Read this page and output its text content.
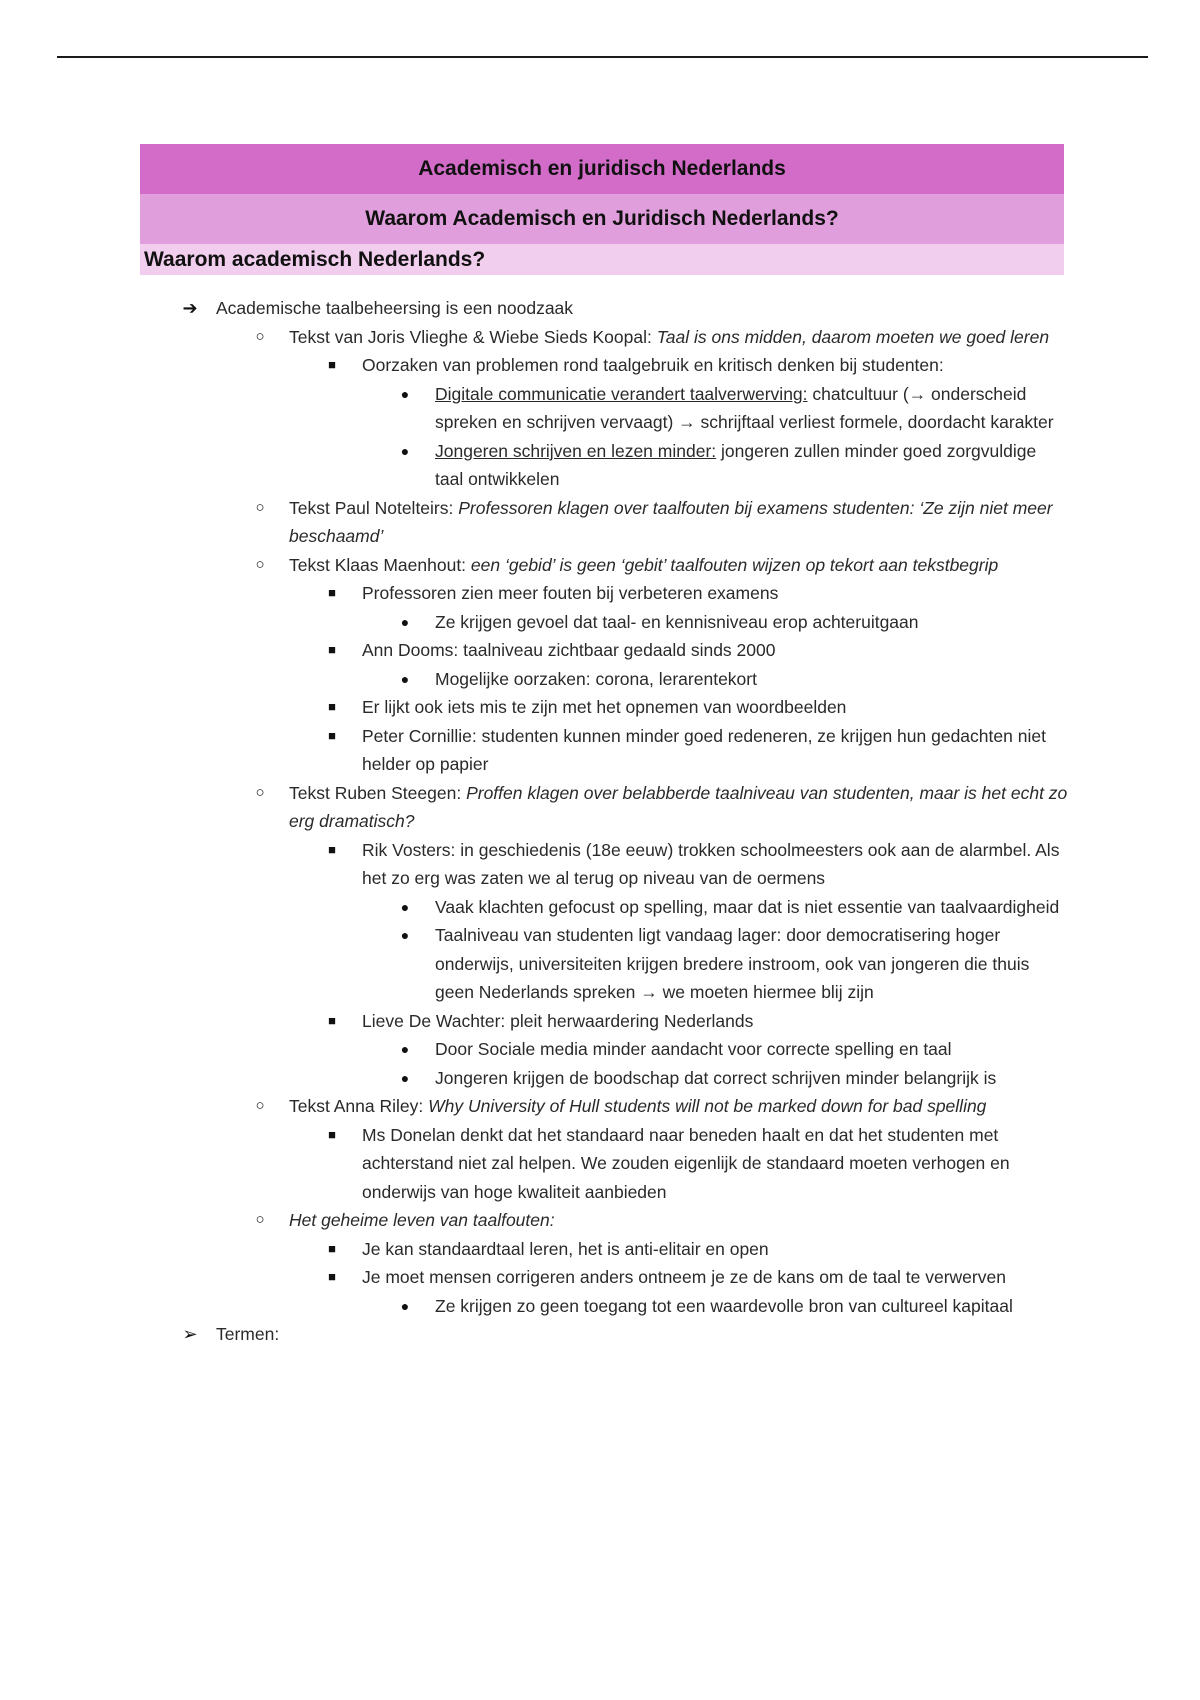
Academisch en juridisch Nederlands
Waarom Academisch en Juridisch Nederlands?
Waarom academisch Nederlands?
➔	Academische taalbeheersing is een noodzaak
○	Tekst van Joris Vlieghe & Wiebe Sieds Koopal: Taal is ons midden, daarom moeten we goed leren
■	Oorzaken van problemen rond taalgebruik en kritisch denken bij studenten:
●	Digitale communicatie verandert taalverwerving: chatcultuur (→ onderscheid spreken en schrijven vervaagt) → schrijftaal verliest formele, doordacht karakter
●	Jongeren schrijven en lezen minder: jongeren zullen minder goed zorgvuldige taal ontwikkelen
○	Tekst Paul Notelteirs: Professoren klagen over taalfouten bij examens studenten: ‘Ze zijn niet meer beschaamd’
○	Tekst Klaas Maenhout: een ‘gebid’ is geen ‘gebit’ taalfouten wijzen op tekort aan tekstbegrip
■	Professoren zien meer fouten bij verbeteren examens
●	Ze krijgen gevoel dat taal- en kennisniveau erop achteruitgaan
■	Ann Dooms: taalniveau zichtbaar gedaald sinds 2000
●	Mogelijke oorzaken: corona, lerarentekort
■	Er lijkt ook iets mis te zijn met het opnemen van woordbeelden
■	Peter Cornillie: studenten kunnen minder goed redeneren, ze krijgen hun gedachten niet helder op papier
○	Tekst Ruben Steegen: Proffen klagen over belabberde taalniveau van studenten, maar is het echt zo erg dramatisch?
■	Rik Vosters: in geschiedenis (18e eeuw) trokken schoolmeesters ook aan de alarmbel. Als het zo erg was zaten we al terug op niveau van de oermens
●	Vaak klachten gefocust op spelling, maar dat is niet essentie van taalvaardigheid
●	Taalniveau van studenten ligt vandaag lager: door democratisering hoger onderwijs, universiteiten krijgen bredere instroom, ook van jongeren die thuis geen Nederlands spreken → we moeten hiermee blij zijn
■	Lieve De Wachter: pleit herwaardering Nederlands
●	Door Sociale media minder aandacht voor correcte spelling en taal
●	Jongeren krijgen de boodschap dat correct schrijven minder belangrijk is
○	Tekst Anna Riley: Why University of Hull students will not be marked down for bad spelling
■	Ms Donelan denkt dat het standaard naar beneden haalt en dat het studenten met achterstand niet zal helpen. We zouden eigenlijk de standaard moeten verhogen en onderwijs van hoge kwaliteit aanbieden
○	Het geheime leven van taalfouten:
■	Je kan standaardtaal leren, het is anti-elitair en open
■	Je moet mensen corrigeren anders ontneem je ze de kans om de taal te verwerven
●	Ze krijgen zo geen toegang tot een waardevolle bron van cultureel kapitaal
➢	Termen:
